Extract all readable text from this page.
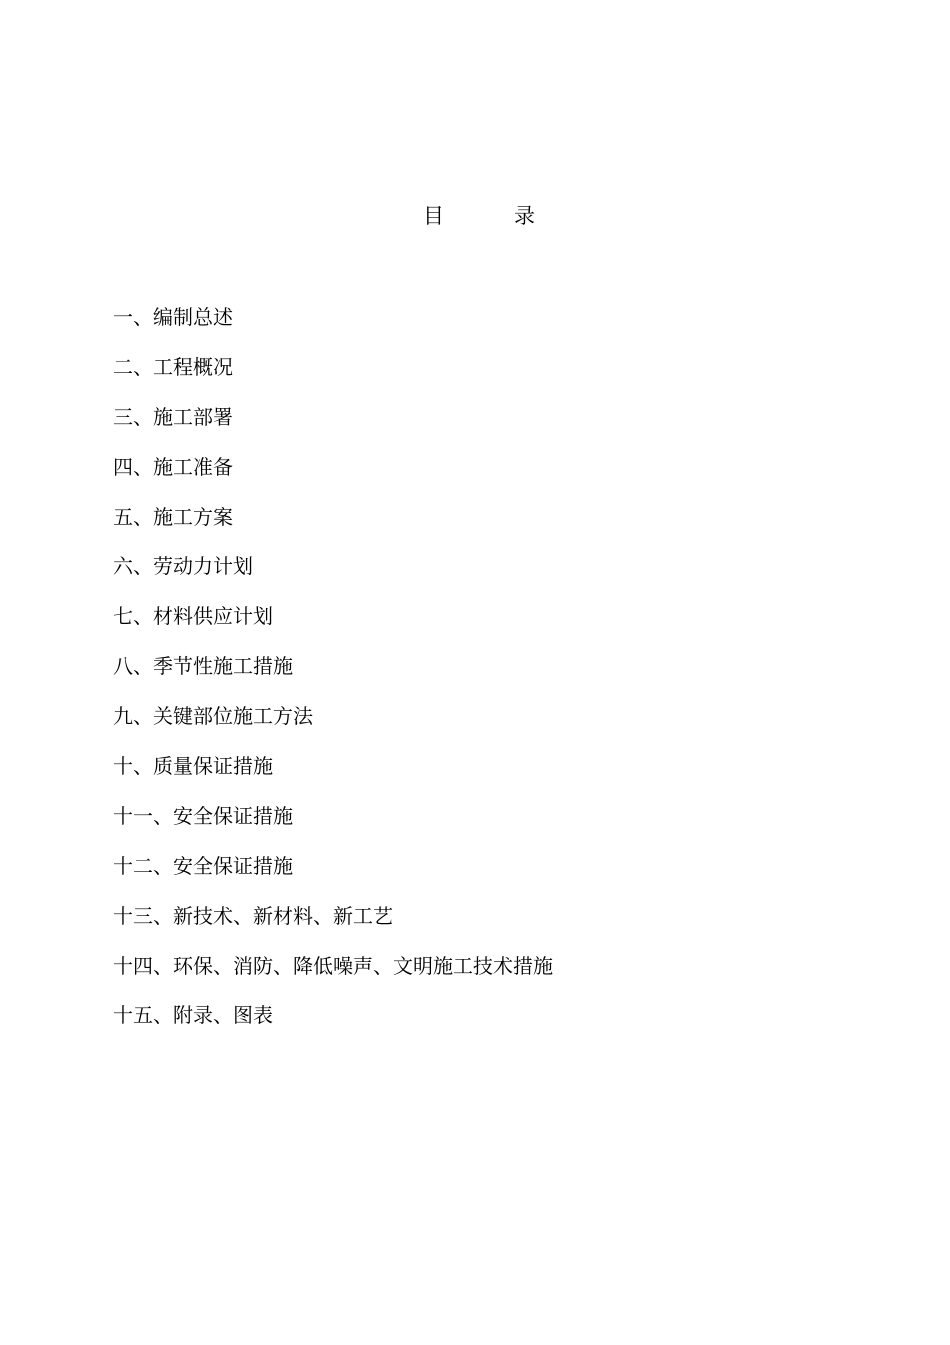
目	录
一、编制总述
二、工程概况
三、施工部署
四、施工准备
五、施工方案
六、劳动力计划
七、材料供应计划
八、季节性施工措施
九、关键部位施工方法
十、质量保证措施
十一、安全保证措施
十二、安全保证措施
十三、新技术、新材料、新工艺
十四、环保、消防、降低噪声、文明施工技术措施
十五、附录、图表
